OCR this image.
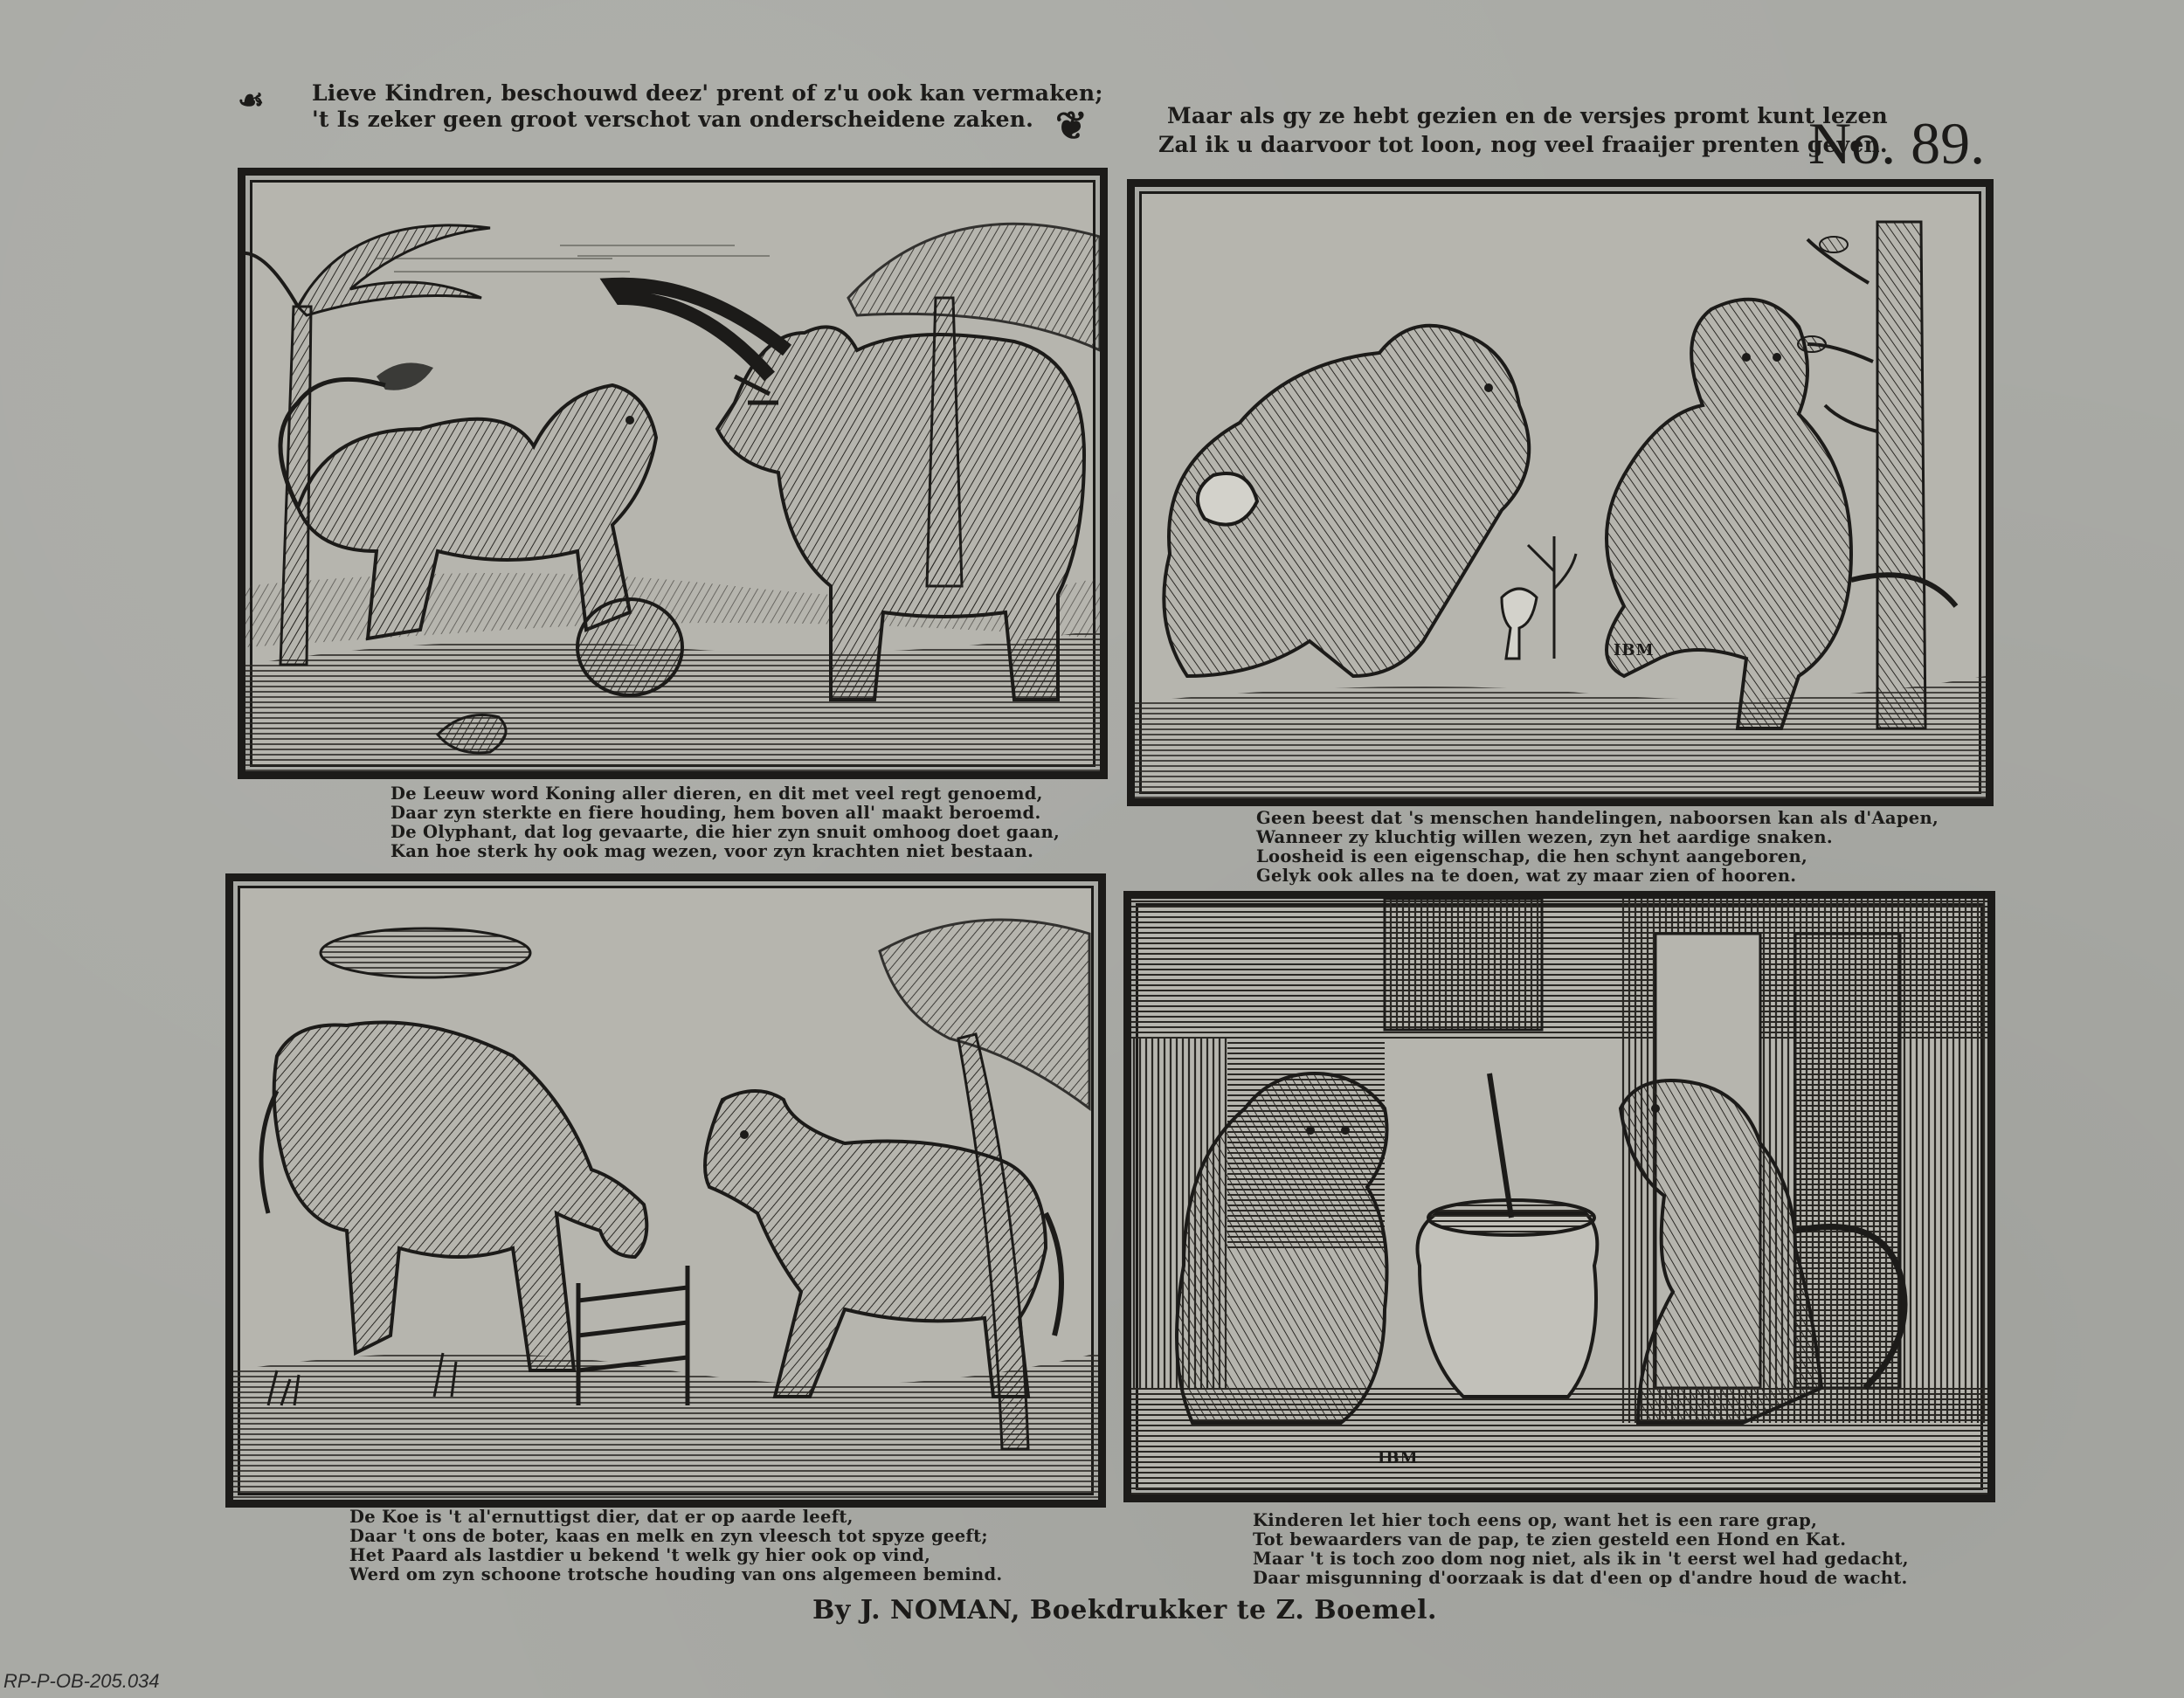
☙ Lieve Kindren, beschouwd deez' prent of z'u ook kan vermaken;
't Is zeker geen groot verschot van onderscheidene zaken. ❦	Maar als gy ze hebt gezien en de versjes promt kunt lezen
Zal ik u daarvoor tot loon, nog veel fraaijer prenten geven.
No. 89.
De Leeuw word Koning aller dieren, en dit met veel regt genoemd,
Daar zyn sterkte en fiere houding, hem boven all' maakt beroemd.
De Olyphant, dat log gevaarte, die hier zyn snuit omhoog doet gaan,
Kan hoe sterk hy ook mag wezen, voor zyn krachten niet bestaan.
IBM
Geen beest dat 's menschen handelingen, naboorsen kan als d'Aapen,
Wanneer zy kluchtig willen wezen, zyn het aardige snaken.
Loosheid is een eigenschap, die hen schynt aangeboren,
Gelyk ook alles na te doen, wat zy maar zien of hooren.
De Koe is 't al'ernuttigst dier, dat er op aarde leeft,
Daar 't ons de boter, kaas en melk en zyn vleesch tot spyze geeft;
Het Paard als lastdier u bekend 't welk gy hier ook op vind,
Werd om zyn schoone trotsche houding van ons algemeen bemind.
IBM
Kinderen let hier toch eens op, want het is een rare grap,
Tot bewaarders van de pap, te zien gesteld een Hond en Kat.
Maar 't is toch zoo dom nog niet, als ik in 't eerst wel had gedacht,
Daar misgunning d'oorzaak is dat d'een op d'andre houd de wacht.
By J. NOMAN, Boekdrukker te Z. Boemel.
RP-P-OB-205.034
